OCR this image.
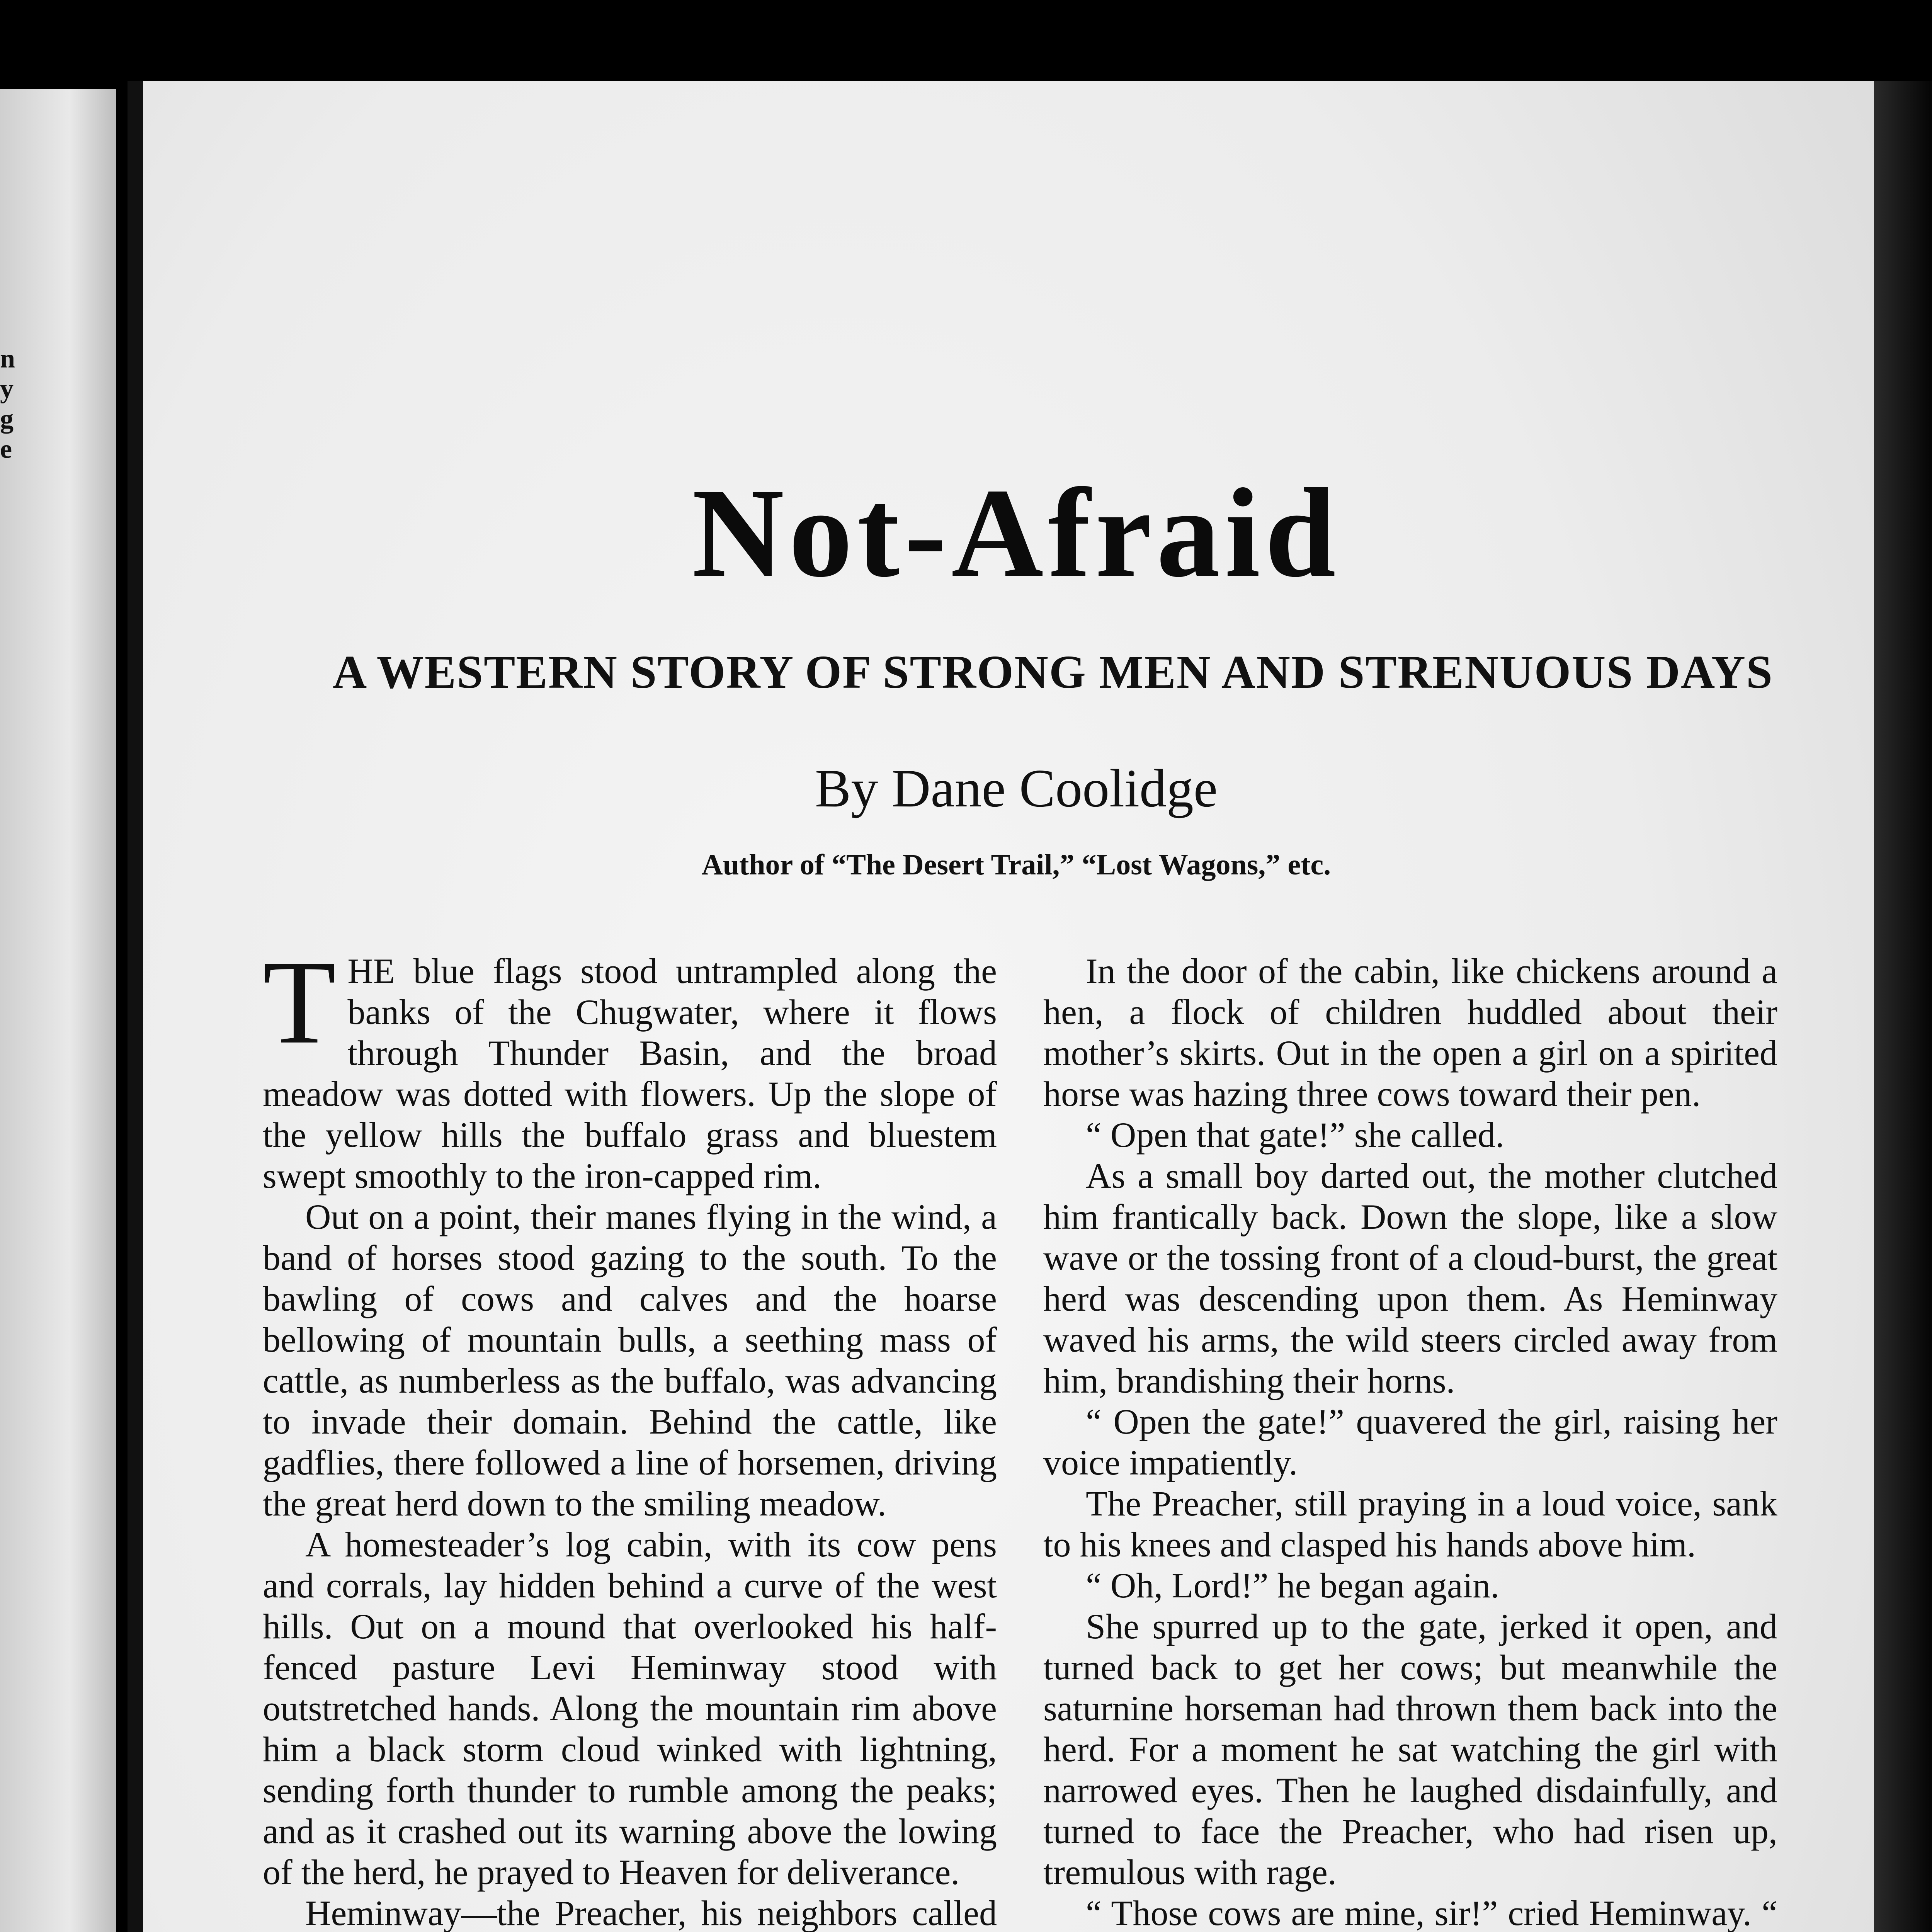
n
y
g
e
Not-Afraid
A WESTERN STORY OF STRONG MEN AND STRENUOUS DAYS
By Dane Coolidge
Author of “The Desert Trail,” “Lost Wagons,” etc.

THE blue flags stood untrampled along the banks of the Chugwater, where it flows through Thunder Basin, and the broad meadow was dotted with flowers. Up the slope of the yellow hills the buffalo grass and bluestem swept smoothly to the iron-capped rim.

Out on a point, their manes flying in the wind, a band of horses stood gazing to the south. To the bawling of cows and calves and the hoarse bellowing of mountain bulls, a seething mass of cattle, as numberless as the buffalo, was advancing to invade their domain. Behind the cattle, like gadflies, there followed a line of horsemen, driving the great herd down to the smiling meadow.

A homesteader’s log cabin, with its cow pens and corrals, lay hidden behind a curve of the west hills. Out on a mound that overlooked his half-fenced pasture Levi Heminway stood with outstretched hands. Along the mountain rim above him a black storm cloud winked with lightning, sending forth thunder to rumble among the peaks; and as it crashed out its warning above the lowing of the herd, he prayed to Heaven for deliverance.

Heminway—the Preacher, his neighbors called

In the door of the cabin, like chickens around a hen, a flock of children huddled about their mother’s skirts. Out in the open a girl on a spirited horse was hazing three cows toward their pen.

“ Open that gate!” she called.

As a small boy darted out, the mother clutched him frantically back. Down the slope, like a slow wave or the tossing front of a cloud-burst, the great herd was descending upon them. As Heminway waved his arms, the wild steers circled away from him, brandishing their horns.

“ Open the gate!” quavered the girl, raising her voice impatiently.

The Preacher, still praying in a loud voice, sank to his knees and clasped his hands above him.

“ Oh, Lord!” he began again.

She spurred up to the gate, jerked it open, and turned back to get her cows; but meanwhile the saturnine horseman had thrown them back into the herd. For a moment he sat watching the girl with narrowed eyes. Then he laughed disdainfully, and turned to face the Preacher, who had risen up, tremulous with rage.

“ Those cows are mine, sir!” cried Heminway. “
